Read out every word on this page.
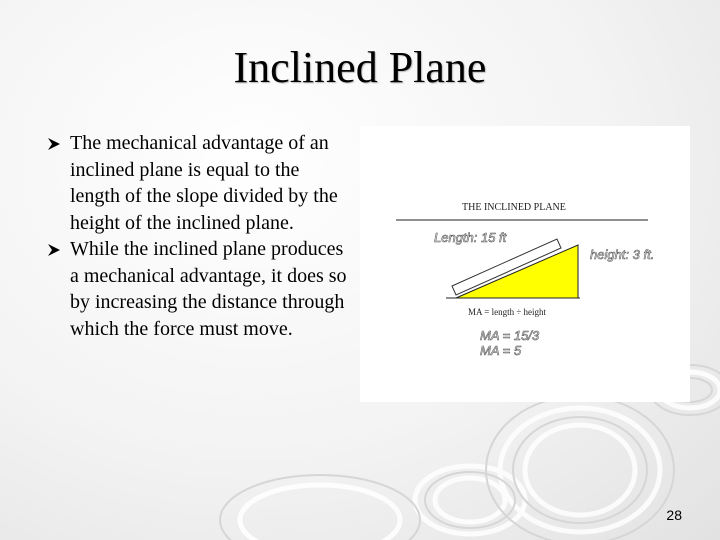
Inclined Plane
The mechanical advantage of an inclined plane is equal to the length of the slope divided by the height of the inclined plane.
While the inclined plane produces a mechanical advantage, it does so by increasing the distance through which the force must move.
THE INCLINED PLANE
Length: 15 ft
height: 3 ft.
MA = length ÷ height
MA = 15/3
MA = 5
28
